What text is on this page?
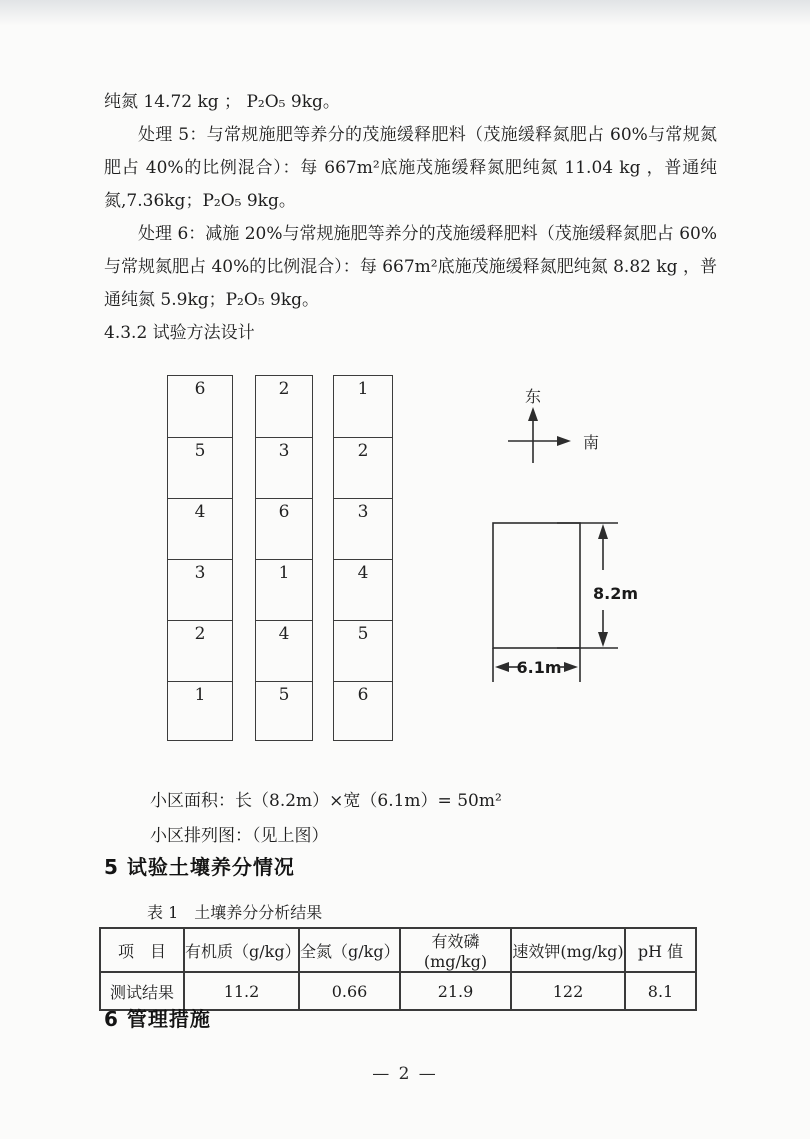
纯氮 14.72 kg ； P₂O₅ 9kg。

处理 5：与常规施肥等养分的茂施缓释肥料（茂施缓释氮肥占 60%与常规氮肥占 40%的比例混合）：每 667m²底施茂施缓释氮肥纯氮 11.04 kg ，普通纯氮,7.36kg；P₂O₅ 9kg。

处理 6：减施 20%与常规施肥等养分的茂施缓释肥料（茂施缓释氮肥占 60%与常规氮肥占 40%的比例混合）：每 667m²底施茂施缓释氮肥纯氮 8.82 kg ，普通纯氮 5.9kg；P₂O₅ 9kg。

4.3.2 试验方法设计

6
5
4
3
2
1
2
3
6
1
4
5
1
2
3
4
5
6
东
南
8.2m
6.1m
小区面积：长（8.2m）×宽（6.1m）= 50m²
小区排列图：（见上图）
5 试验土壤养分情况
表 1　土壤养分分析结果
项　目	有机质（g/kg）	全氮（g/kg）	有效磷(mg/kg)	速效钾(mg/kg)	pH 值
测试结果	11.2	0.66	21.9	122	8.1
6 管理措施
— 2 —
